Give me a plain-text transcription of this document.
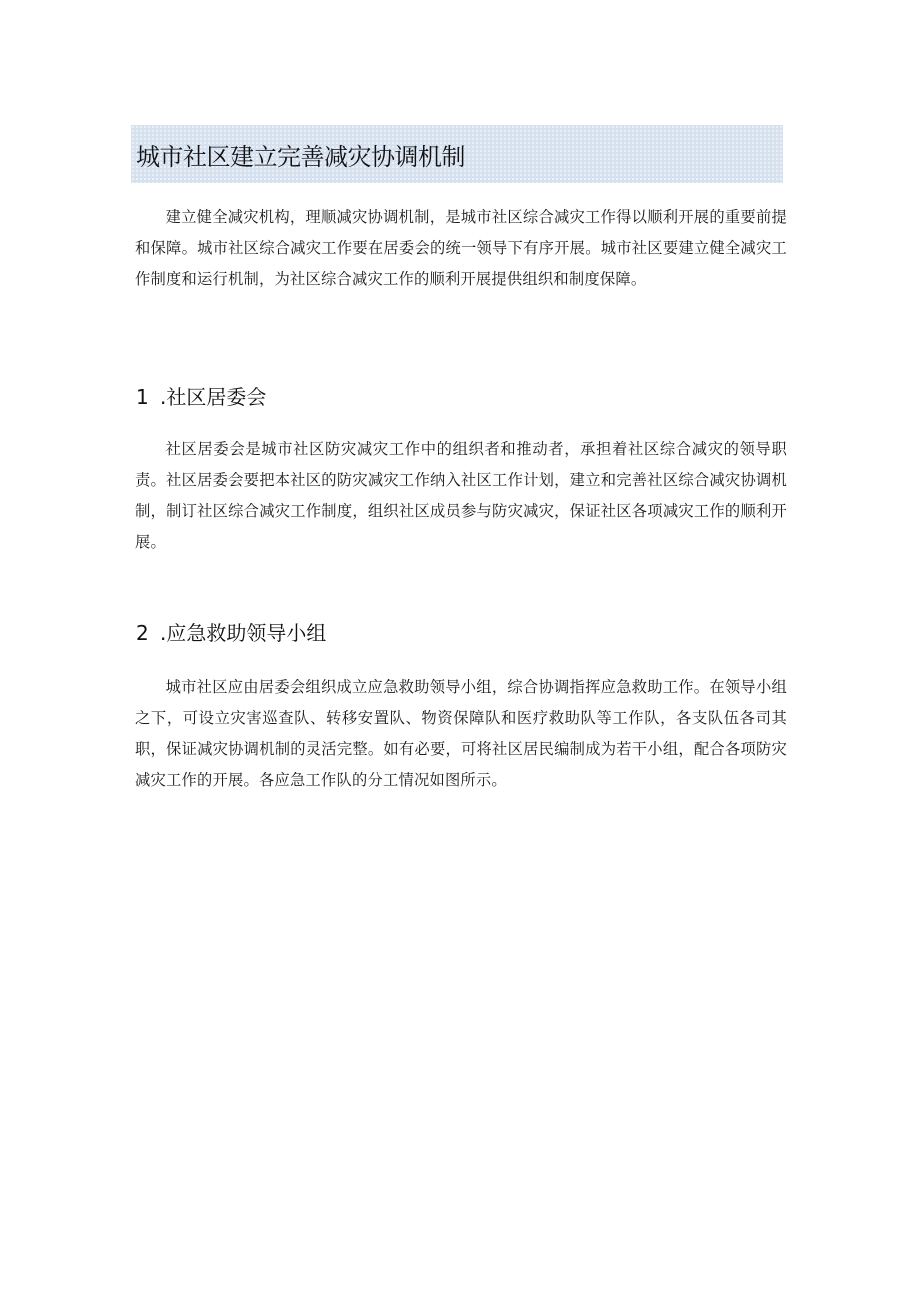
城市社区建立完善减灾协调机制

建立健全减灾机构，理顺减灾协调机制，是城市社区综合减灾工作得以顺利开展的重要前提和保障。城市社区综合减灾工作要在居委会的统一领导下有序开展。城市社区要建立健全减灾工作制度和运行机制，为社区综合减灾工作的顺利开展提供组织和制度保障。

1 .社区居委会

社区居委会是城市社区防灾减灾工作中的组织者和推动者，承担着社区综合减灾的领导职责。社区居委会要把本社区的防灾减灾工作纳入社区工作计划，建立和完善社区综合减灾协调机制，制订社区综合减灾工作制度，组织社区成员参与防灾减灾，保证社区各项减灾工作的顺利开展。

2 .应急救助领导小组

城市社区应由居委会组织成立应急救助领导小组，综合协调指挥应急救助工作。在领导小组之下，可设立灾害巡查队、转移安置队、物资保障队和医疗救助队等工作队，各支队伍各司其职，保证减灾协调机制的灵活完整。如有必要，可将社区居民编制成为若干小组，配合各项防灾减灾工作的开展。各应急工作队的分工情况如图所示。
